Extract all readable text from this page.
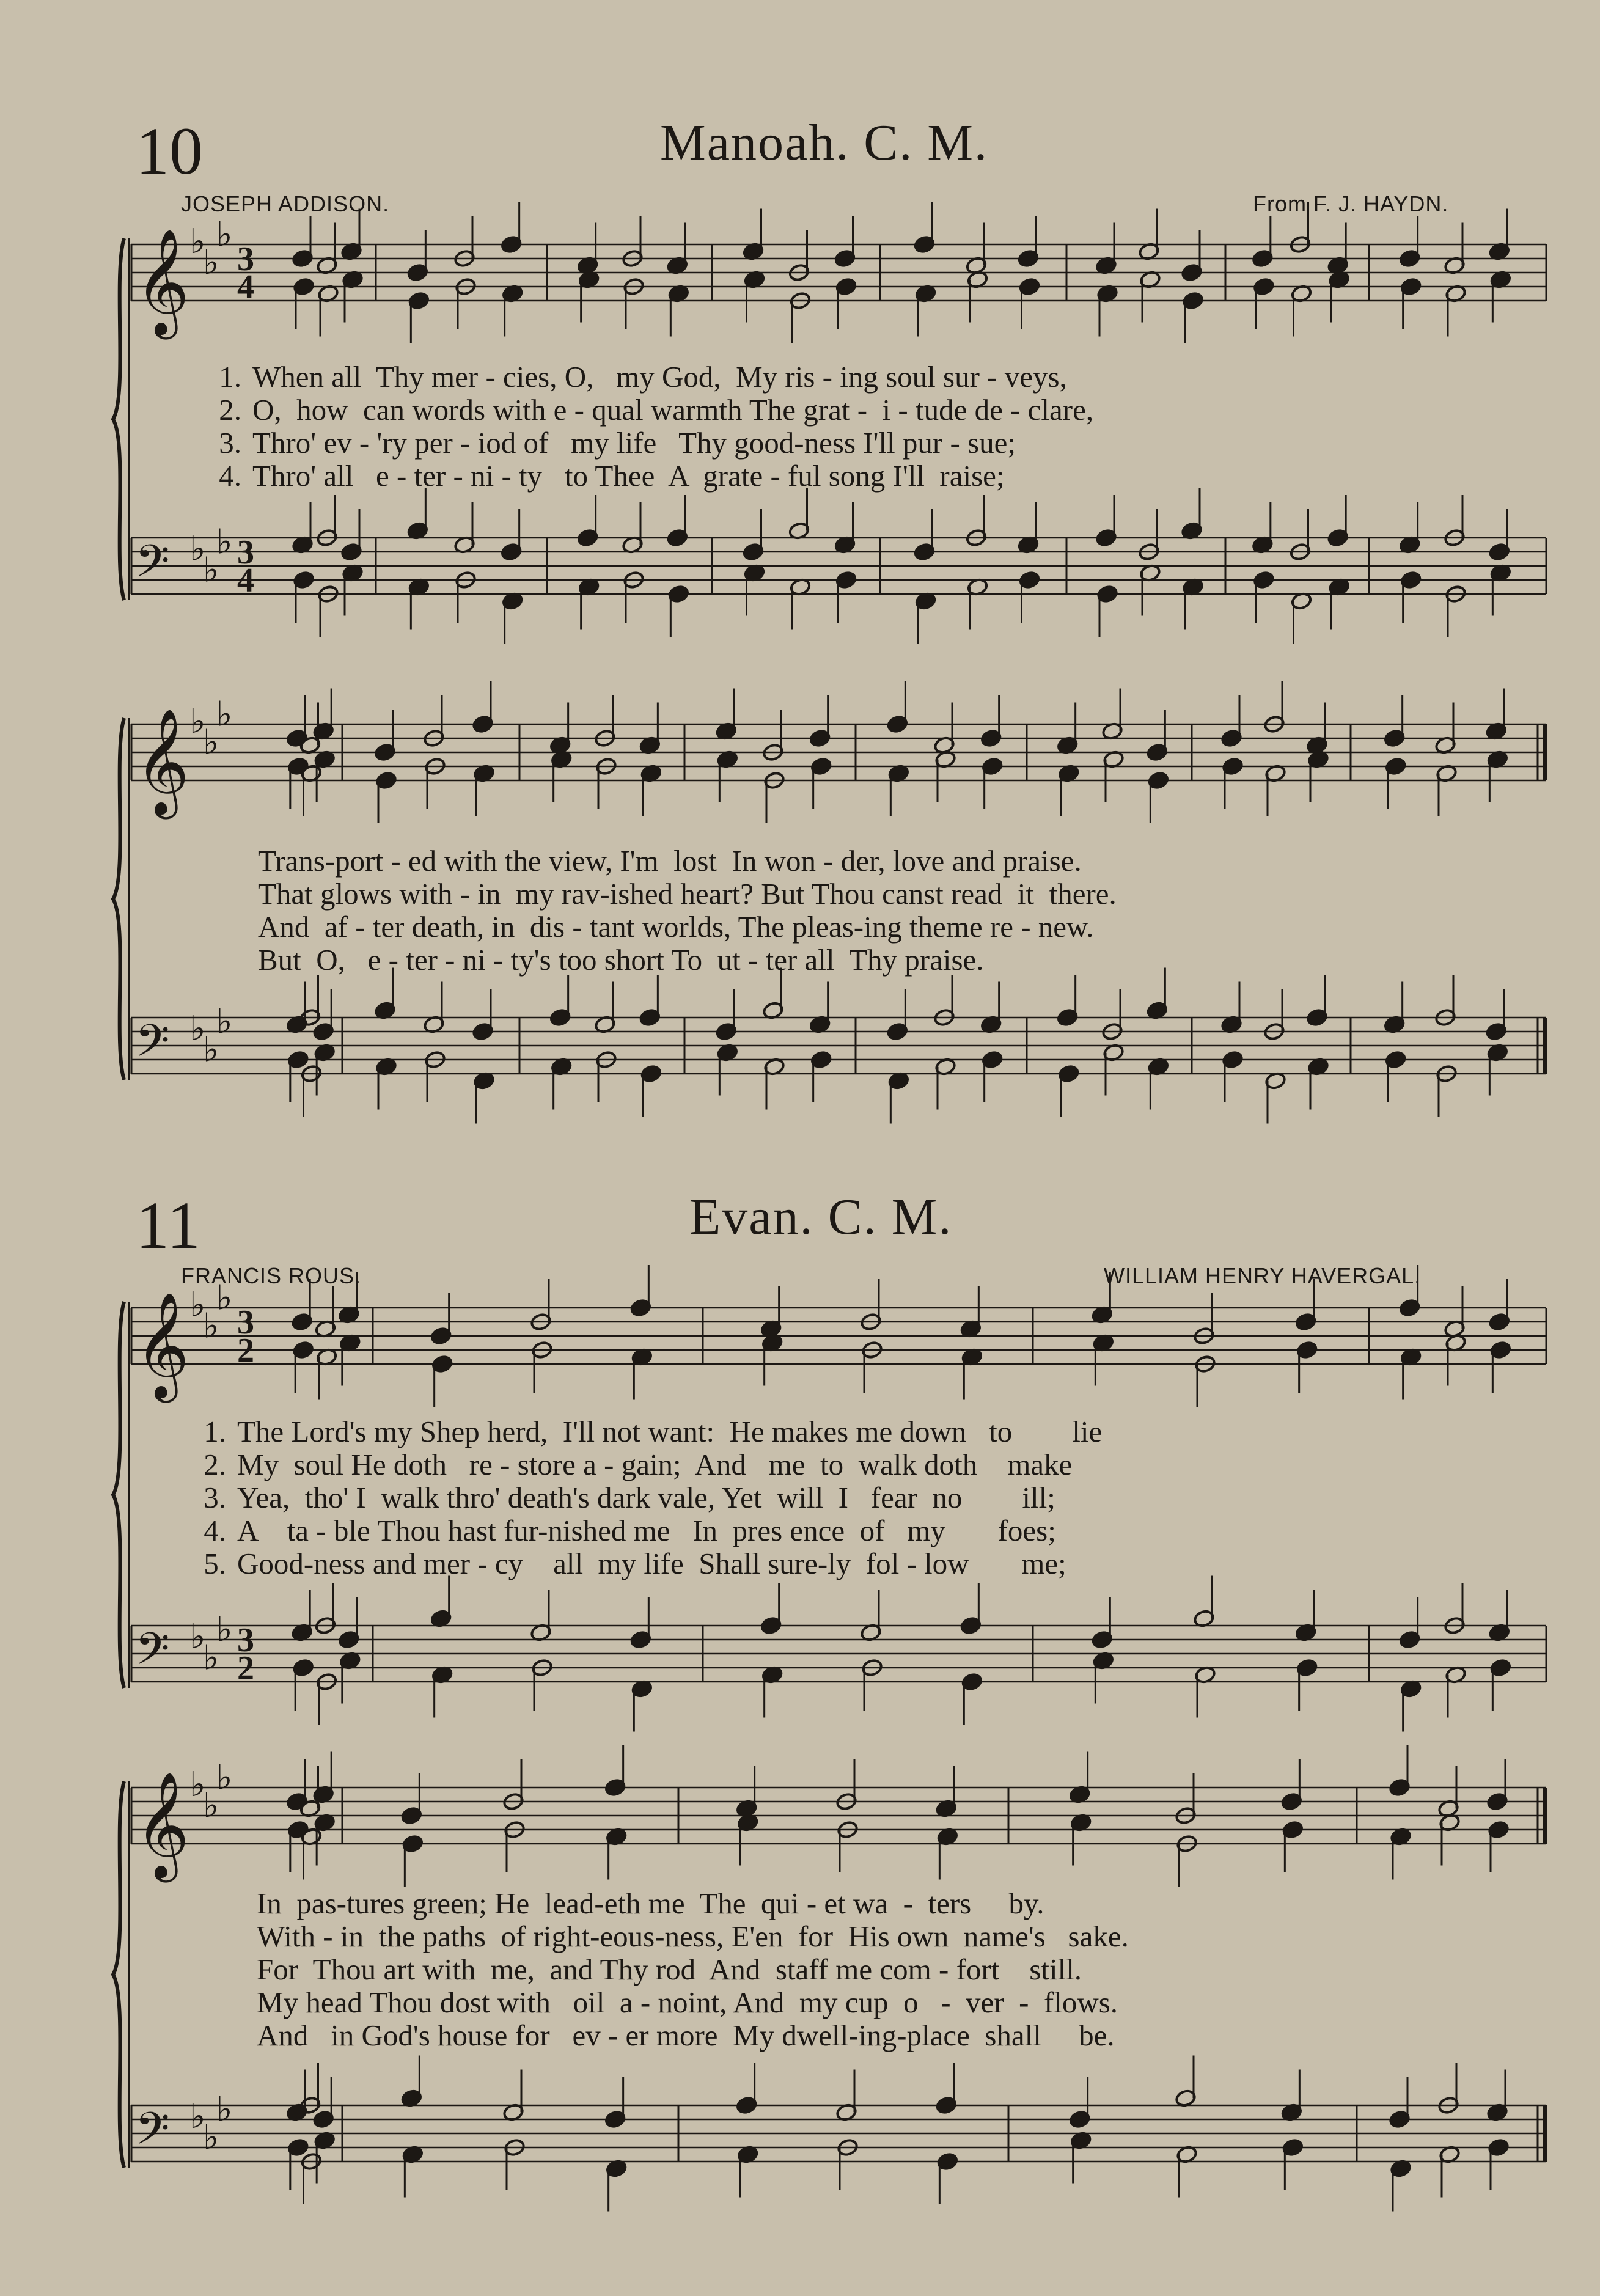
10	Manoah. C. M.
JOSEPH ADDISON.	From F. J. HAYDN.
11	Evan. C. M.
FRANCIS ROUS.	WILLIAM HENRY HAVERGAL.
𝄞 ♭
♭
♭
3
4
𝄢 ♭
♭
♭ 3
4
𝄞 ♭
♭
♭
𝄢 ♭
♭
♭
𝄞 ♭
♭
♭
3
2
𝄢 ♭
♭
♭ 3
2
𝄞 ♭
♭
♭
𝄢 ♭
♭
♭
1. When all  Thy mer - cies, O,   my God,  My ris - ing soul sur - veys,
2. O,  how  can words with e - qual warmth The grat -  i - tude de - clare,
3. Thro' ev - 'ry per - iod of   my life   Thy good-ness I'll pur - sue;
4. Thro' all   e - ter - ni - ty   to Thee  A  grate - ful song I'll  raise;
Trans-port - ed with the view, I'm  lost  In won - der, love and praise.
That glows with - in  my rav-ished heart? But Thou canst read  it  there.
And  af - ter death, in  dis - tant worlds, The pleas-ing theme re - new.
But  O,   e - ter - ni - ty's too short To  ut - ter all  Thy praise.
1. The Lord's my Shep herd,  I'll not want:  He makes me down   to        lie
2. My  soul He doth   re - store a - gain;  And   me  to  walk doth    make
3. Yea,  tho' I  walk thro' death's dark vale, Yet  will  I   fear  no        ill;
4. A    ta - ble Thou hast fur-nished me   In  pres ence  of   my       foes;
5. Good-ness and mer - cy    all  my life  Shall sure-ly  fol - low       me;
In  pas-tures green; He  lead-eth me  The  qui - et wa  -  ters     by.
With - in  the paths  of right-eous-ness, E'en  for  His own  name's   sake.
For  Thou art with  me,  and Thy rod  And  staff me com - fort    still.
My head Thou dost with   oil  a - noint, And  my cup  o   -  ver  -  flows.
And   in God's house for   ev - er more  My dwell-ing-place  shall     be.
